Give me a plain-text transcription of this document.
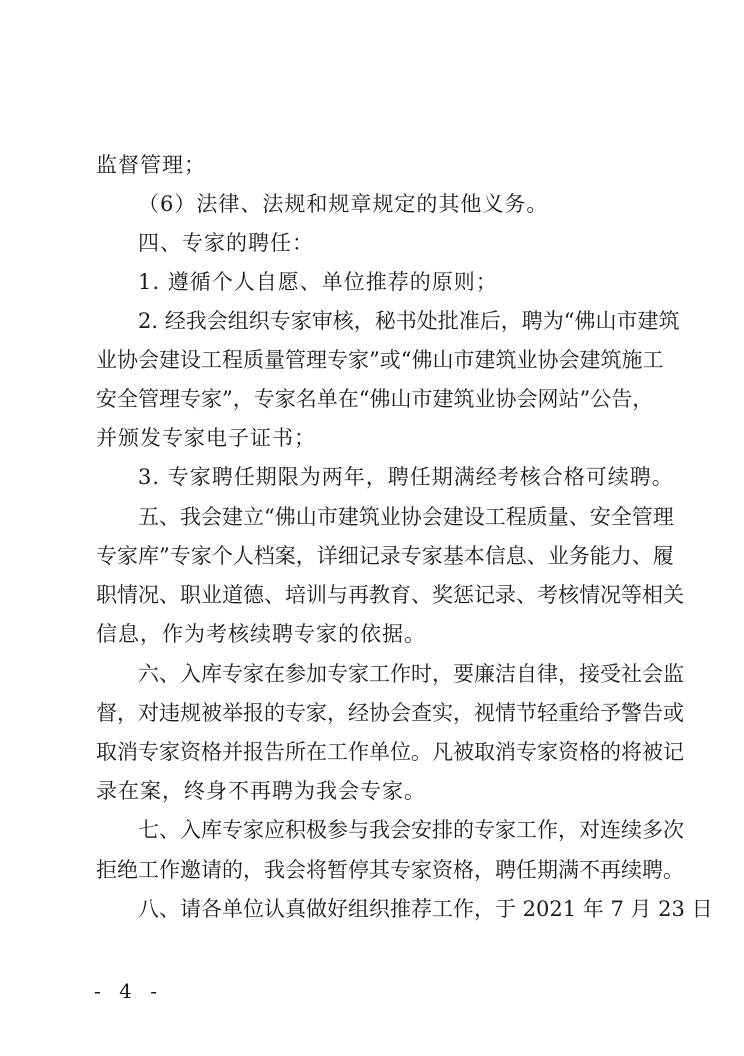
监督管理；
（6）法律、法规和规章规定的其他义务。
四、专家的聘任：
1. 遵循个人自愿、单位推荐的原则；
2. 经我会组织专家审核，秘书处批准后，聘为“佛山市建筑
业协会建设工程质量管理专家”或“佛山市建筑业协会建筑施工
安全管理专家”，专家名单在“佛山市建筑业协会网站”公告，
并颁发专家电子证书；
3. 专家聘任期限为两年，聘任期满经考核合格可续聘。
五、我会建立“佛山市建筑业协会建设工程质量、安全管理
专家库”专家个人档案，详细记录专家基本信息、业务能力、履
职情况、职业道德、培训与再教育、奖惩记录、考核情况等相关
信息，作为考核续聘专家的依据。
六、入库专家在参加专家工作时，要廉洁自律，接受社会监
督，对违规被举报的专家，经协会查实，视情节轻重给予警告或
取消专家资格并报告所在工作单位。凡被取消专家资格的将被记
录在案，终身不再聘为我会专家。
七、入库专家应积极参与我会安排的专家工作，对连续多次
拒绝工作邀请的，我会将暂停其专家资格，聘任期满不再续聘。
八、请各单位认真做好组织推荐工作，于 2021 年 7 月 23 日
- 4 -
